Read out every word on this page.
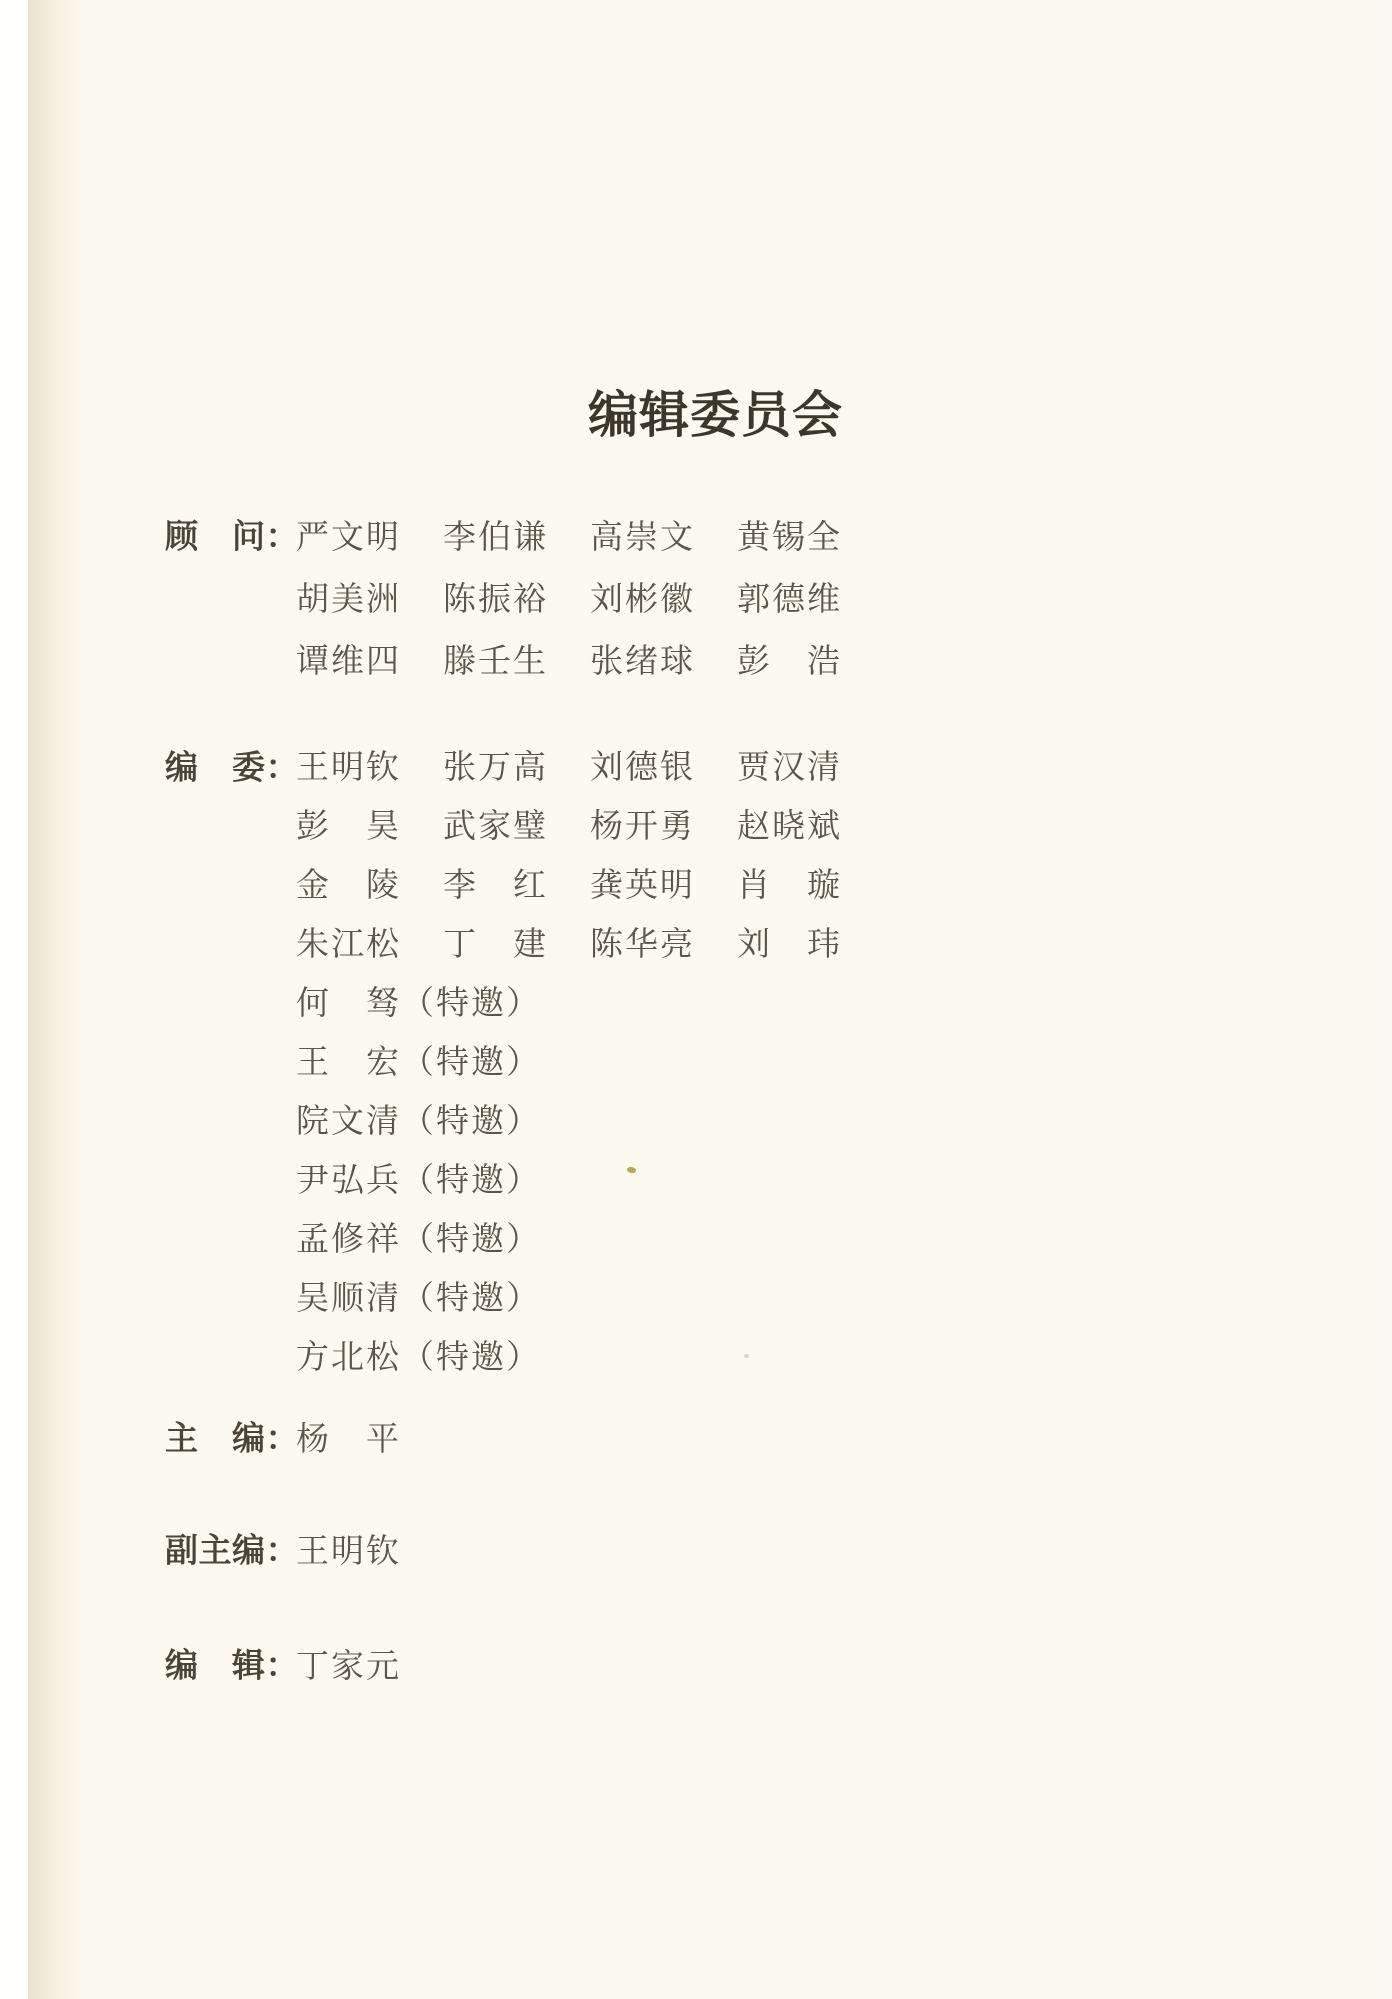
编辑委员会
顾　问：
严文明	李伯谦	高崇文	黄锡全
胡美洲	陈振裕	刘彬徽	郭德维
谭维四	滕壬生	张绪球	彭　浩
编　委：
王明钦	张万高	刘德银	贾汉清
彭　昊	武家璧	杨开勇	赵晓斌
金　陵	李　红	龚英明	肖　璇
朱江松	丁　建	陈华亮	刘　玮
何　驽（特邀）
王　宏（特邀）
院文清（特邀）
尹弘兵（特邀）
孟修祥（特邀）
吴顺清（特邀）
方北松（特邀）
主　编：
杨　平
副主编：
王明钦
编　辑：
丁家元
